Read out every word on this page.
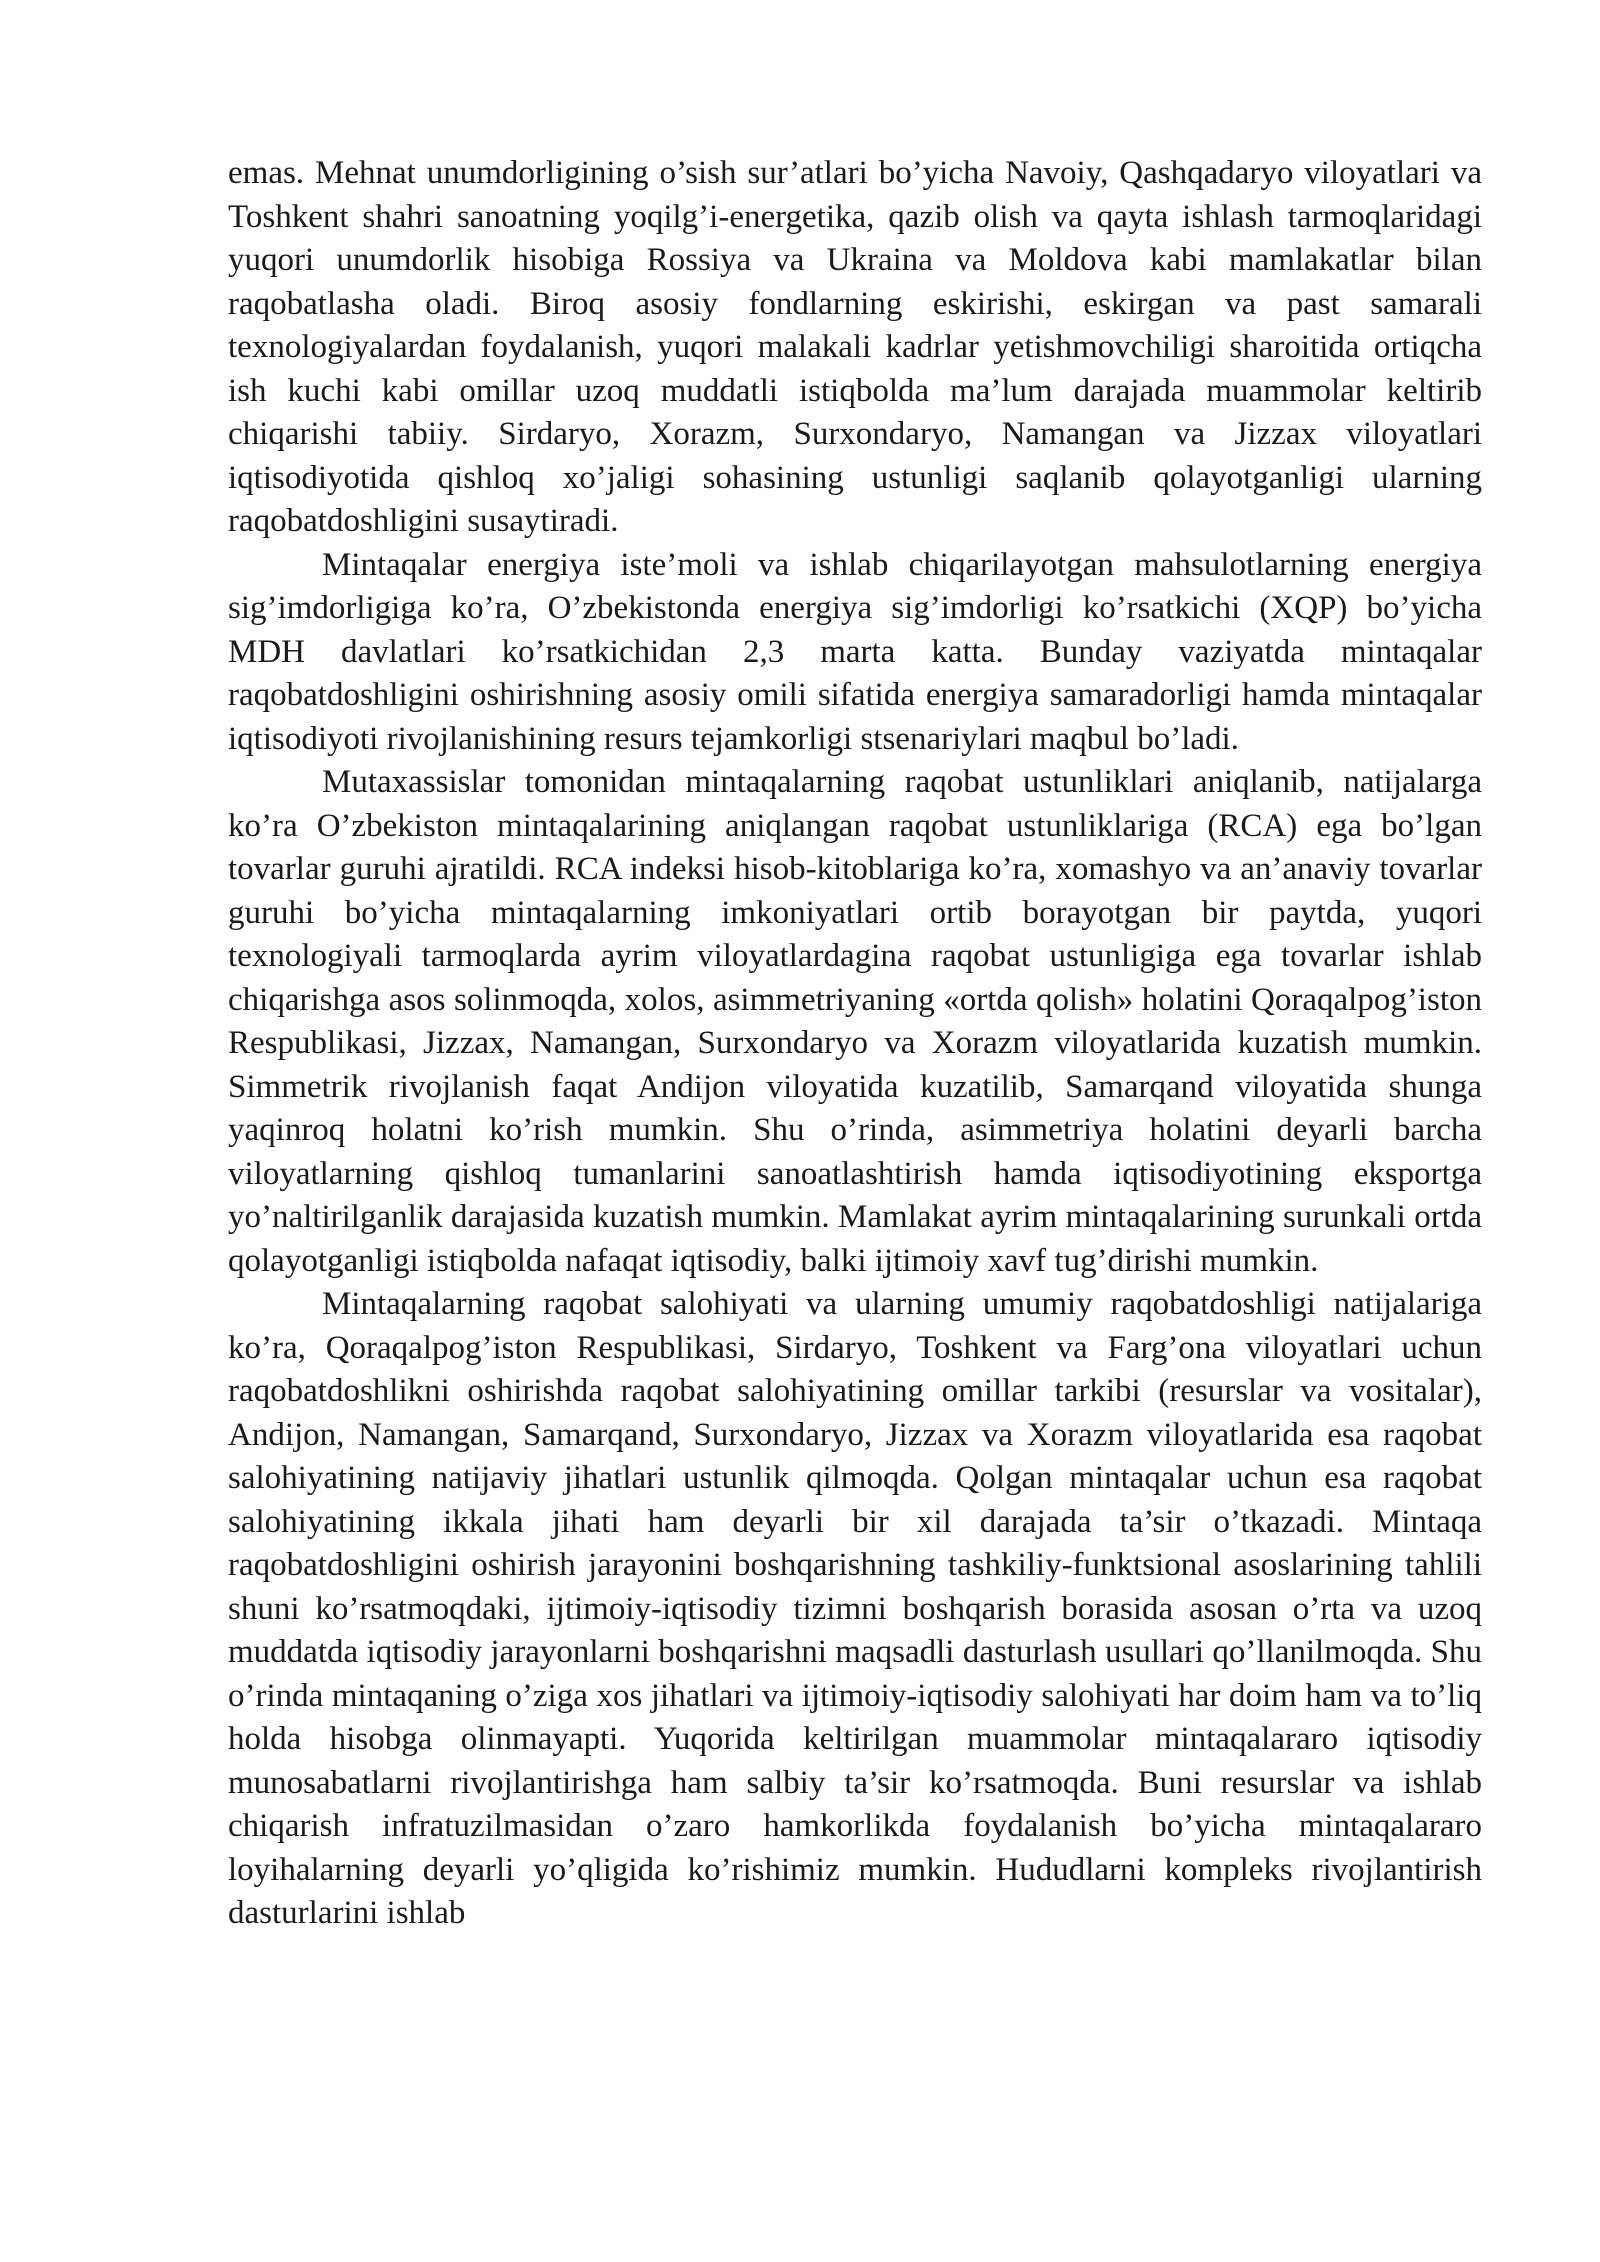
emas. Mehnat unumdorligining o’sish sur’atlari bo’yicha Navoiy, Qashqadaryo viloyatlari va Toshkent shahri sanoatning yoqilg’i-energetika, qazib olish va qayta ishlash tarmoqlaridagi yuqori unumdorlik hisobiga Rossiya va Ukraina va Moldova kabi mamlakatlar bilan raqobatlasha oladi. Biroq asosiy fondlarning eskirishi, eskirgan va past samarali texnologiyalardan foydalanish, yuqori malakali kadrlar yetishmovchiligi sharoitida ortiqcha ish kuchi kabi omillar uzoq muddatli istiqbolda ma’lum darajada muammolar keltirib chiqarishi tabiiy. Sirdaryo, Xorazm, Surxondaryo, Namangan va Jizzax viloyatlari iqtisodiyotida qishloq xo’jaligi sohasining ustunligi saqlanib qolayotganligi ularning raqobatdoshligini susaytiradi.

Mintaqalar energiya iste’moli va ishlab chiqarilayotgan mahsulotlarning energiya sig’imdorligiga ko’ra, O’zbekistonda energiya sig’imdorligi ko’rsatkichi (XQP) bo’yicha MDH davlatlari ko’rsatkichidan 2,3 marta katta. Bunday vaziyatda mintaqalar raqobatdoshligini oshirishning asosiy omili sifatida energiya samaradorligi hamda mintaqalar iqtisodiyoti rivojlanishining resurs tejamkorligi stsenariylari maqbul bo’ladi.

Mutaxassislar tomonidan mintaqalarning raqobat ustunliklari aniqlanib, natijalarga ko’ra O’zbekiston mintaqalarining aniqlangan raqobat ustunliklariga (RCA) ega bo’lgan tovarlar guruhi ajratildi. RCA indeksi hisob-kitoblariga ko’ra, xomashyo va an’anaviy tovarlar guruhi bo’yicha mintaqalarning imkoniyatlari ortib borayotgan bir paytda, yuqori texnologiyali tarmoqlarda ayrim viloyatlardagina raqobat ustunligiga ega tovarlar ishlab chiqarishga asos solinmoqda, xolos, asimmetriyaning «ortda qolish» holatini Qoraqalpog’iston Respublikasi, Jizzax, Namangan, Surxondaryo va Xorazm viloyatlarida kuzatish mumkin. Simmetrik rivojlanish faqat Andijon viloyatida kuzatilib, Samarqand viloyatida shunga yaqinroq holatni ko’rish mumkin. Shu o’rinda, asimmetriya holatini deyarli barcha viloyatlarning qishloq tumanlarini sanoatlashtirish hamda iqtisodiyotining eksportga yo’naltirilganlik darajasida kuzatish mumkin. Mamlakat ayrim mintaqalarining surunkali ortda qolayotganligi istiqbolda nafaqat iqtisodiy, balki ijtimoiy xavf tug’dirishi mumkin.

Mintaqalarning raqobat salohiyati va ularning umumiy raqobatdoshligi natijalariga ko’ra, Qoraqalpog’iston Respublikasi, Sirdaryo, Toshkent va Farg’ona viloyatlari uchun raqobatdoshlikni oshirishda raqobat salohiyatining omillar tarkibi (resurslar va vositalar), Andijon, Namangan, Samarqand, Surxondaryo, Jizzax va Xorazm viloyatlarida esa raqobat salohiyatining natijaviy jihatlari ustunlik qilmoqda. Qolgan mintaqalar uchun esa raqobat salohiyatining ikkala jihati ham deyarli bir xil darajada ta’sir o’tkazadi. Mintaqa raqobatdoshligini oshirish jarayonini boshqarishning tashkiliy-funktsional asoslarining tahlili shuni ko’rsatmoqdaki, ijtimoiy-iqtisodiy tizimni boshqarish borasida asosan o’rta va uzoq muddatda iqtisodiy jarayonlarni boshqarishni maqsadli dasturlash usullari qo’llanilmoqda. Shu o’rinda mintaqaning o’ziga xos jihatlari va ijtimoiy-iqtisodiy salohiyati har doim ham va to’liq holda hisobga olinmayapti. Yuqorida keltirilgan muammolar mintaqalararo iqtisodiy munosabatlarni rivojlantirishga ham salbiy ta’sir ko’rsatmoqda. Buni resurslar va ishlab chiqarish infratuzilmasidan o’zaro hamkorlikda foydalanish bo’yicha mintaqalararo loyihalarning deyarli yo’qligida ko’rishimiz mumkin. Hududlarni kompleks rivojlantirish dasturlarini ishlab
